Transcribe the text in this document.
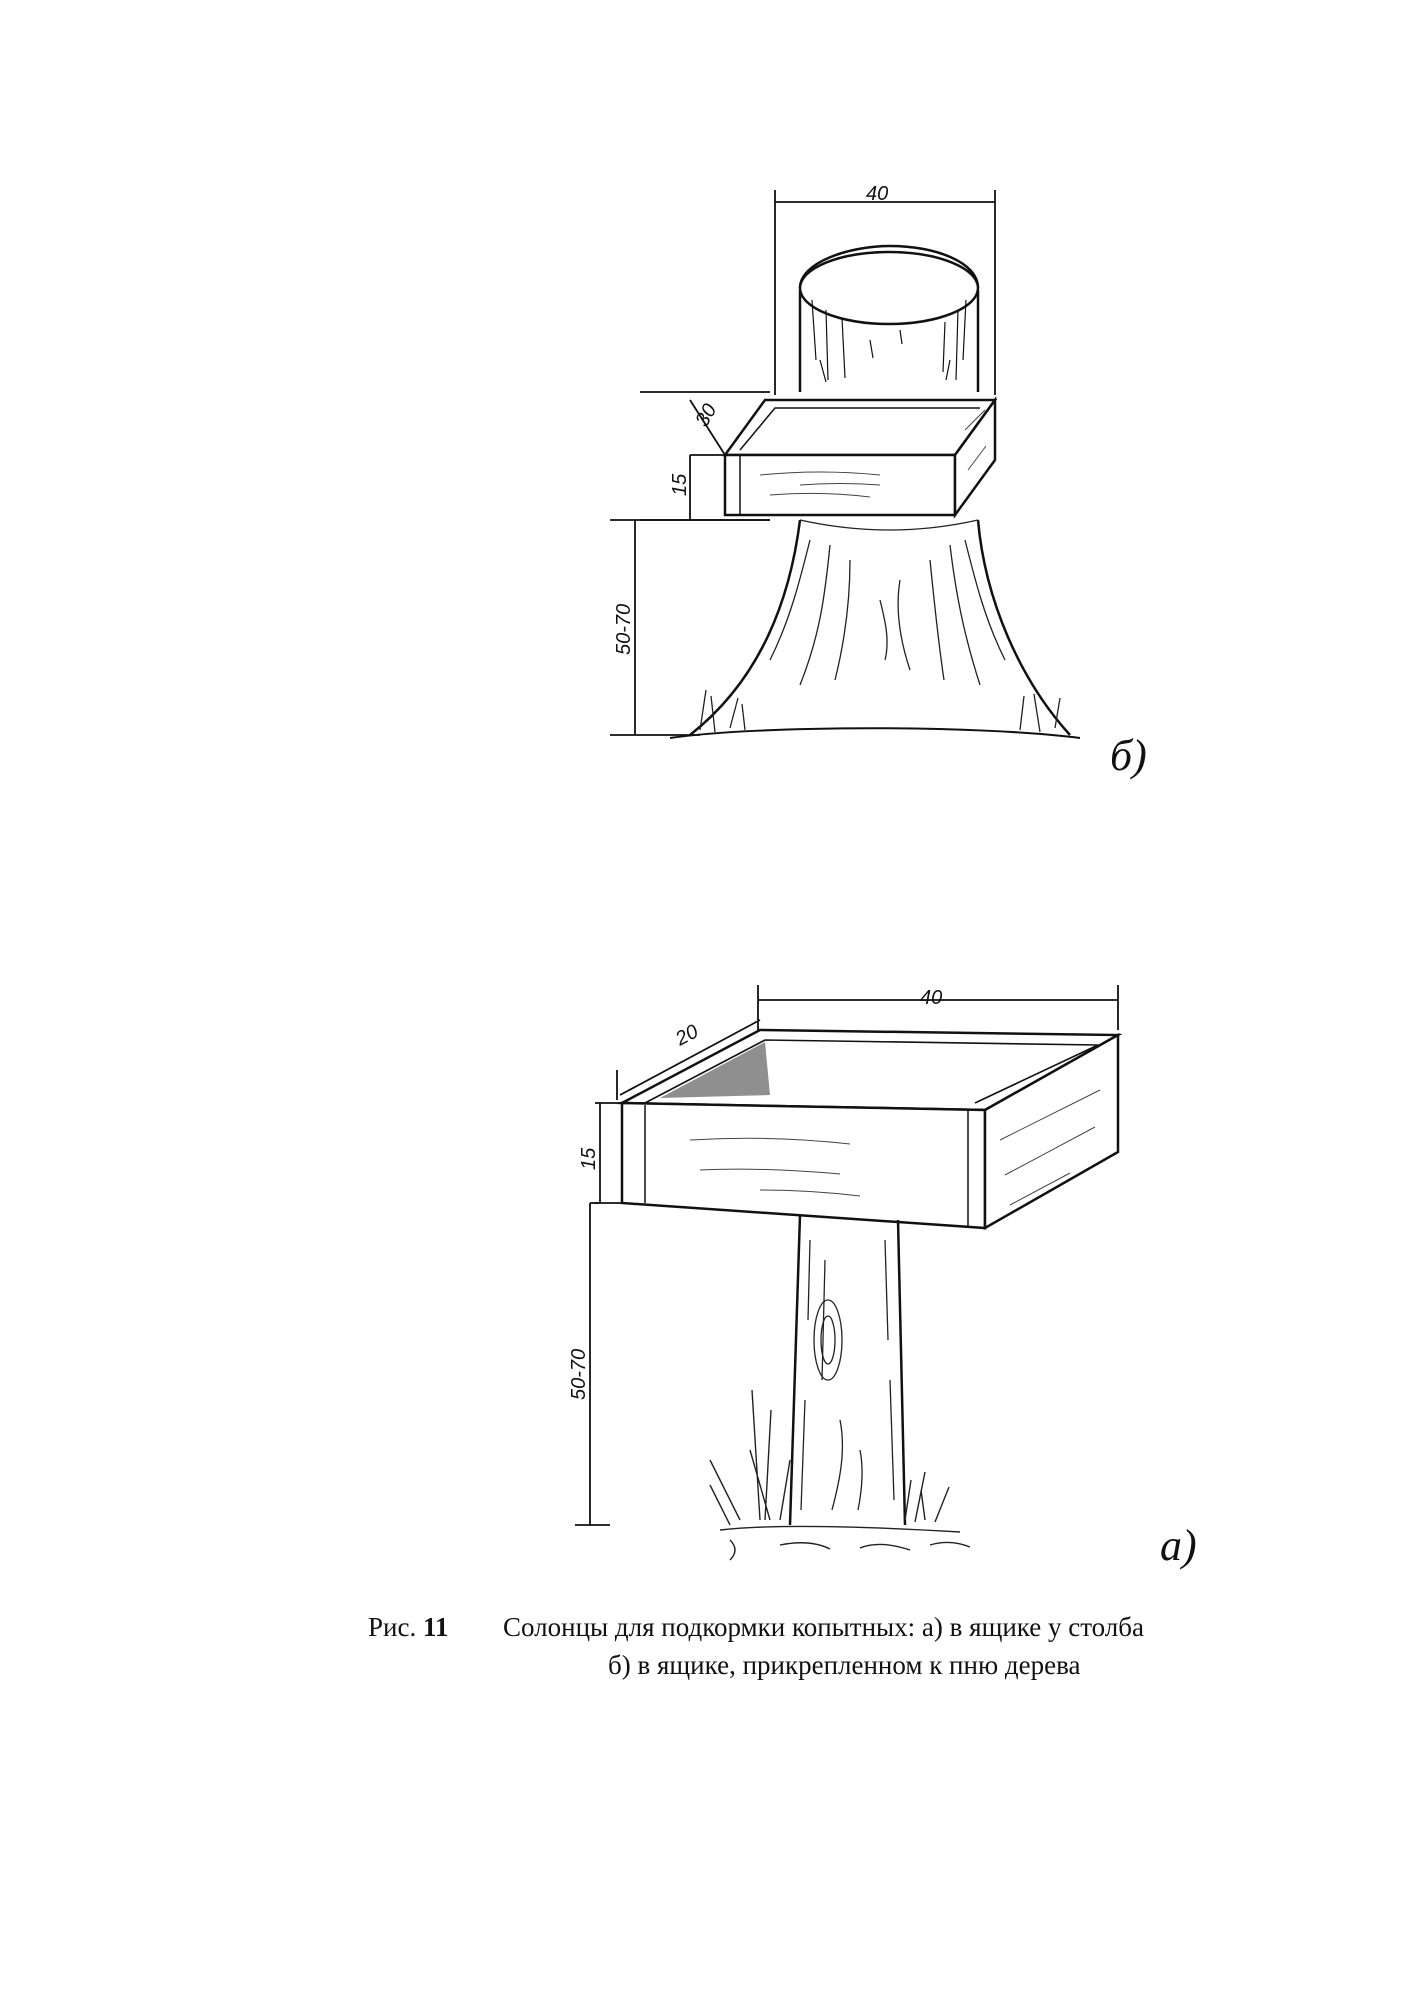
40
30
15
50-70
б)
40
20
15
50-70
а)
Рис. 11 Солонцы для подкормки копытных: а) в ящике у столба
б) в ящике, прикрепленном к пню дерева
